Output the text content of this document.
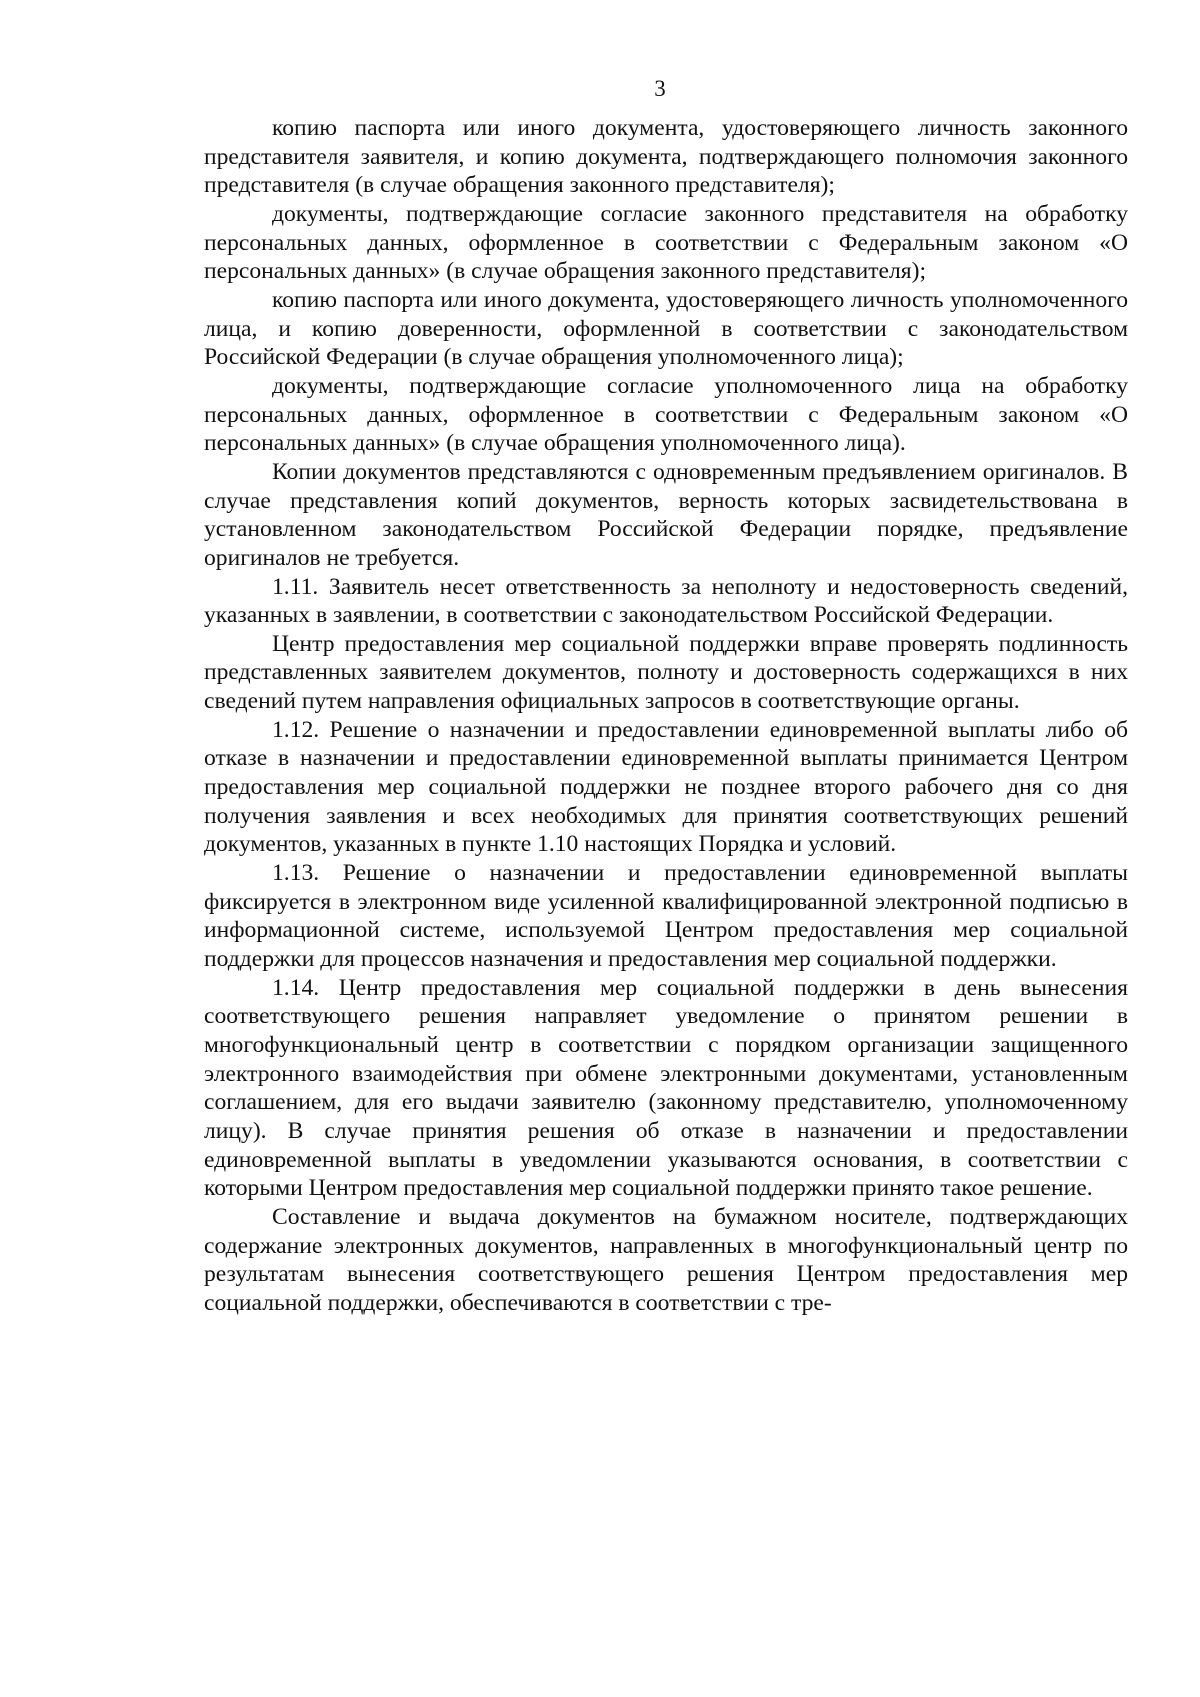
3

копию паспорта или иного документа, удостоверяющего личность законного представителя заявителя, и копию документа, подтверждающего полномочия законного представителя (в случае обращения законного представителя);

документы, подтверждающие согласие законного представителя на обработку персональных данных, оформленное в соответствии с Федеральным законом «О персональных данных» (в случае обращения законного представителя);

копию паспорта или иного документа, удостоверяющего личность уполномоченного лица, и копию доверенности, оформленной в соответствии с законодательством Российской Федерации (в случае обращения уполномоченного лица);

документы, подтверждающие согласие уполномоченного лица на обработку персональных данных, оформленное в соответствии с Федеральным законом «О персональных данных» (в случае обращения уполномоченного лица).

Копии документов представляются с одновременным предъявлением оригиналов. В случае представления копий документов, верность которых засвидетельствована в установленном законодательством Российской Федерации порядке, предъявление оригиналов не требуется.

1.11. Заявитель несет ответственность за неполноту и недостоверность сведений, указанных в заявлении, в соответствии с законодательством Российской Федерации.

Центр предоставления мер социальной поддержки вправе проверять подлинность представленных заявителем документов, полноту и достоверность содержащихся в них сведений путем направления официальных запросов в соответствующие органы.

1.12. Решение о назначении и предоставлении единовременной выплаты либо об отказе в назначении и предоставлении единовременной выплаты принимается Центром предоставления мер социальной поддержки не позднее второго рабочего дня со дня получения заявления и всех необходимых для принятия соответствующих решений документов, указанных в пункте 1.10 настоящих Порядка и условий.

1.13. Решение о назначении и предоставлении единовременной выплаты фиксируется в электронном виде усиленной квалифицированной электронной подписью в информационной системе, используемой Центром предоставления мер социальной поддержки для процессов назначения и предоставления мер социальной поддержки.

1.14. Центр предоставления мер социальной поддержки в день вынесения соответствующего решения направляет уведомление о принятом решении в многофункциональный центр в соответствии с порядком организации защищенного электронного взаимодействия при обмене электронными документами, установленным соглашением, для его выдачи заявителю (законному представителю, уполномоченному лицу). В случае принятия решения об отказе в назначении и предоставлении единовременной выплаты в уведомлении указываются основания, в соответствии с которыми Центром предоставления мер социальной поддержки принято такое решение.

Составление и выдача документов на бумажном носителе, подтверждающих содержание электронных документов, направленных в многофункциональный центр по результатам вынесения соответствующего решения Центром предоставления мер социальной поддержки, обеспечиваются в соответствии с тре-
